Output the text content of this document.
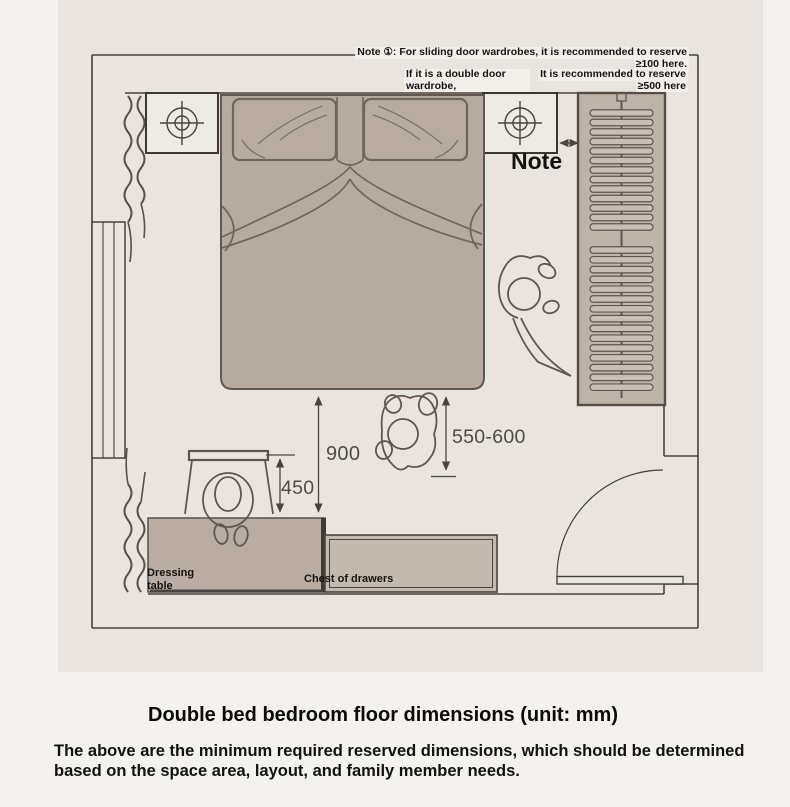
Note ①: For sliding door wardrobes, it is recommended to reserve
≥100 here.
If it is a double door wardrobe,
It is recommended to reserve
≥500 here
Note
900
450
550-600
Dressing table
Chest of drawers
Double bed bedroom floor dimensions (unit: mm)
The above are the minimum required reserved dimensions, which should be determined
based on the space area, layout, and family member needs.
